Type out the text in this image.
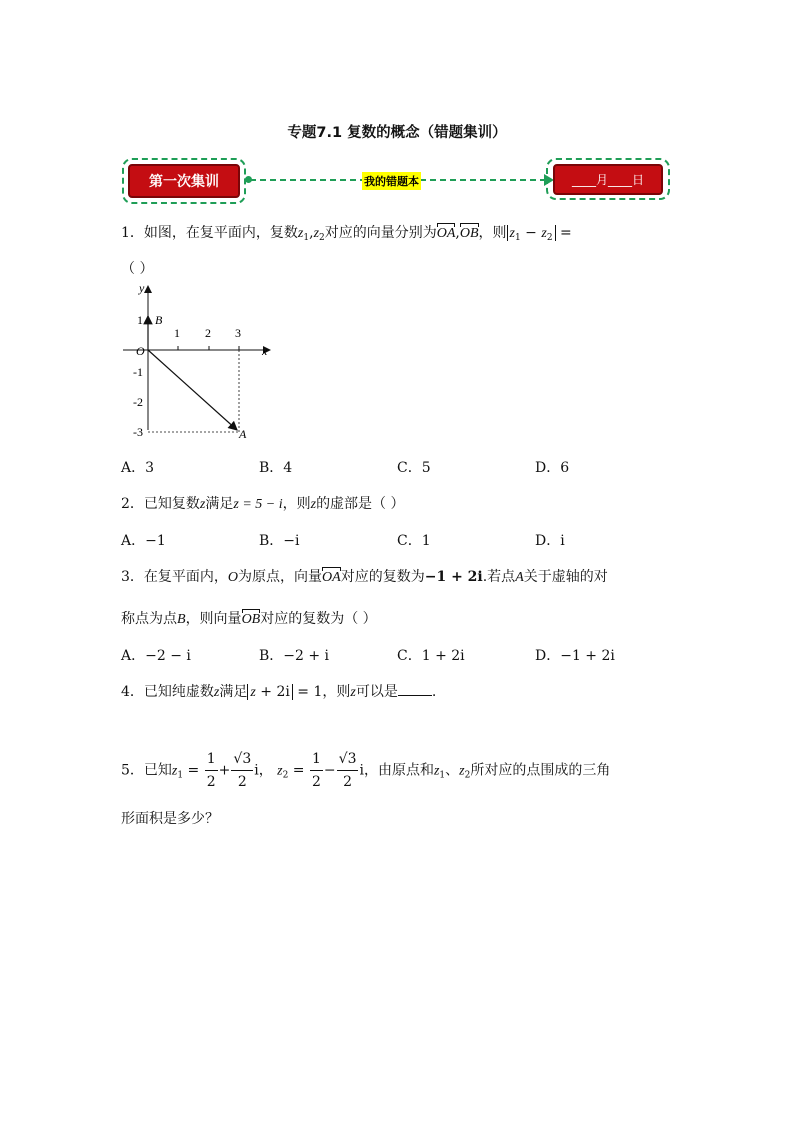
专题7.1 复数的概念（错题集训）
第一次集训	我的错题本	____月____日
1．如图，在复平面内，复数$z_1,z_2$对应的向量分别为OA,OB，则 $z_1 - z_2$ =
（ ）
y
x
O
1 2 3
1
-1
-2
-3
B
A
A．3	B．4	C．5	D．6
2．已知复数z满足z = 5 − i，则z的虚部是（ ）
A．−1	B．−i	C．1	D．i
3．在复平面内，O为原点，向量OA对应的复数为−1 + 2i.若点A关于虚轴的对
称点为点B，则向量OB对应的复数为（ ）
A．−2 − i	B．−2 + i	C．1 + 2i	D．−1 + 2i
4．已知纯虚数z满足 z + 2i = 1，则z可以是 .
5．已知$z_1 = \frac{1}{2} + \frac{√3}{2}$ i， $z_2 = \frac{1}{2} - \frac{√3}{2}$ i，由原点和$z_1$、$z_2$所对应的点围成的三角
形面积是多少？
